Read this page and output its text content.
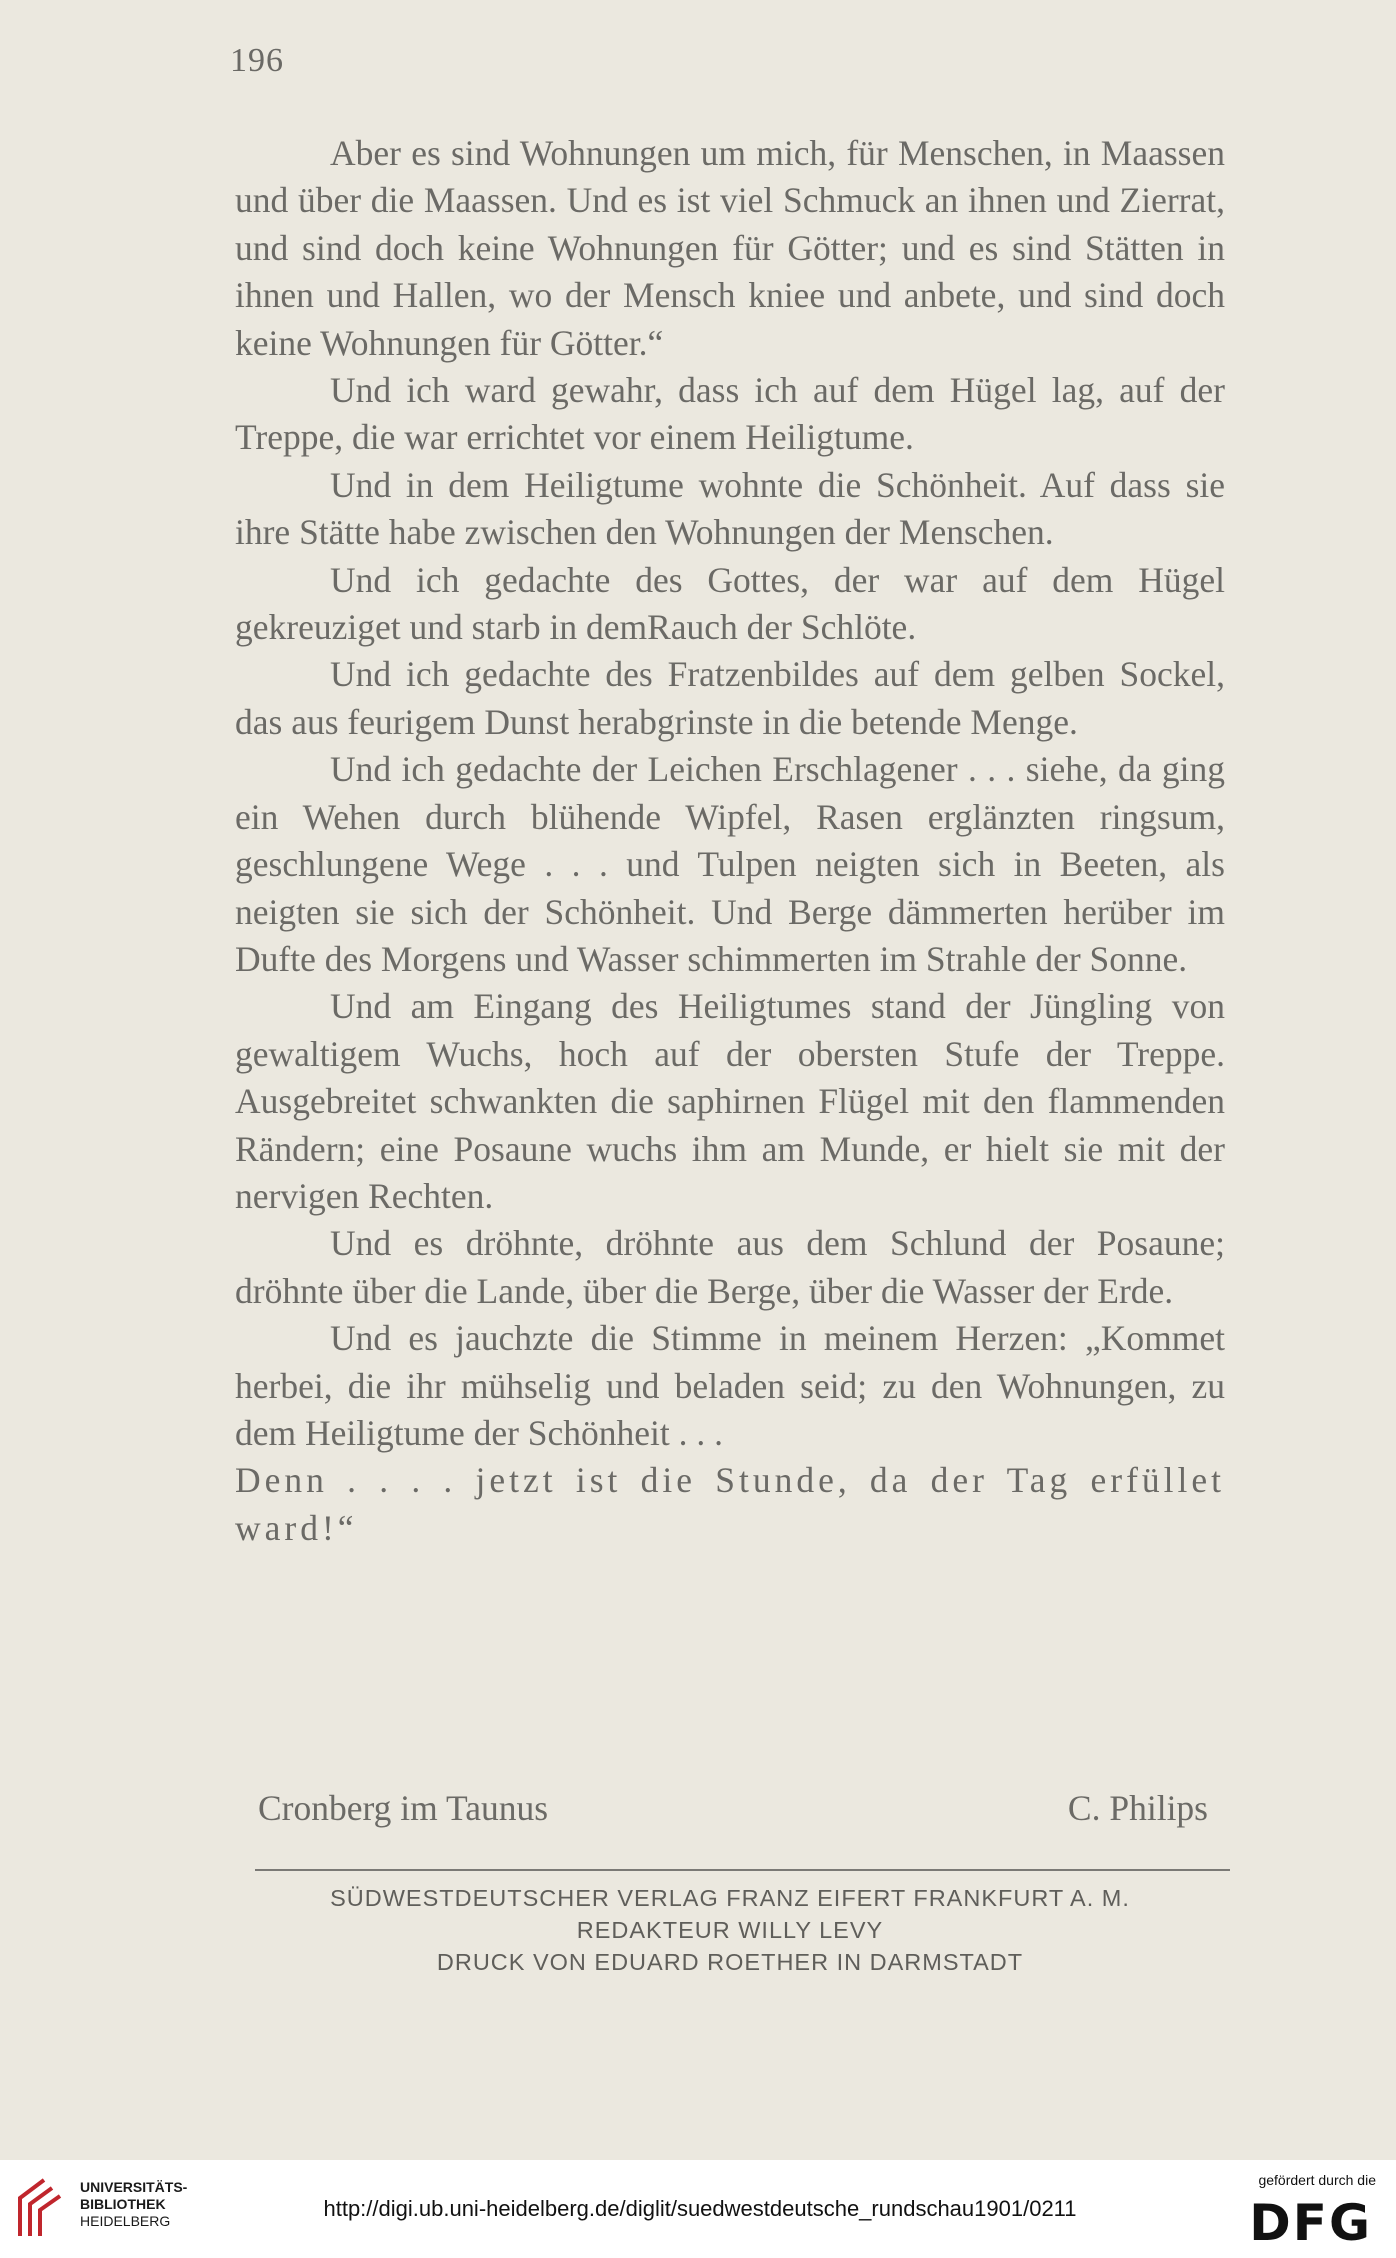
196

Aber es sind Wohnungen um mich, für Menschen, in Maassen und über die Maassen. Und es ist viel Schmuck an ihnen und Zierrat, und sind doch keine Wohnungen für Götter; und es sind Stätten in ihnen und Hallen, wo der Mensch kniee und anbete, und sind doch keine Wohnungen für Götter.“

Und ich ward gewahr, dass ich auf dem Hügel lag, auf der Treppe, die war errichtet vor einem Heiligtume.

Und in dem Heiligtume wohnte die Schönheit. Auf dass sie ihre Stätte habe zwischen den Wohnungen der Menschen.

Und ich gedachte des Gottes, der war auf dem Hügel gekreuziget und starb in demRauch der Schlöte.

Und ich gedachte des Fratzenbildes auf dem gelben Sockel, das aus feurigem Dunst herabgrinste in die betende Menge.

Und ich gedachte der Leichen Erschlagener . . . siehe, da ging ein Wehen durch blühende Wipfel, Rasen erglänzten ringsum, geschlungene Wege . . . und Tulpen neigten sich in Beeten, als neigten sie sich der Schönheit. Und Berge dämmerten herüber im Dufte des Morgens und Wasser schimmerten im Strahle der Sonne.

Und am Eingang des Heiligtumes stand der Jüngling von gewaltigem Wuchs, hoch auf der obersten Stufe der Treppe. Ausgebreitet schwankten die saphirnen Flügel mit den flammenden Rändern; eine Posaune wuchs ihm am Munde, er hielt sie mit der nervigen Rechten.

Und es dröhnte, dröhnte aus dem Schlund der Posaune; dröhnte über die Lande, über die Berge, über die Wasser der Erde.

Und es jauchzte die Stimme in meinem Herzen: „Kommet herbei, die ihr mühselig und beladen seid; zu den Wohnungen, zu dem Heiligtume der Schönheit . . .

Denn . . . . jetzt ist die Stunde, da der Tag erfüllet ward!“

Cronberg im Taunus	C. Philips
SÜDWESTDEUTSCHER VERLAG FRANZ EIFERT FRANKFURT A. M.
REDAKTEUR WILLY LEVY
DRUCK VON EDUARD ROETHER IN DARMSTADT
UNIVERSITÄTS-
BIBLIOTHEK
HEIDELBERG	http://digi.ub.uni-heidelberg.de/diglit/suedwestdeutsche_rundschau1901/0211
gefördert durch die
DFG
